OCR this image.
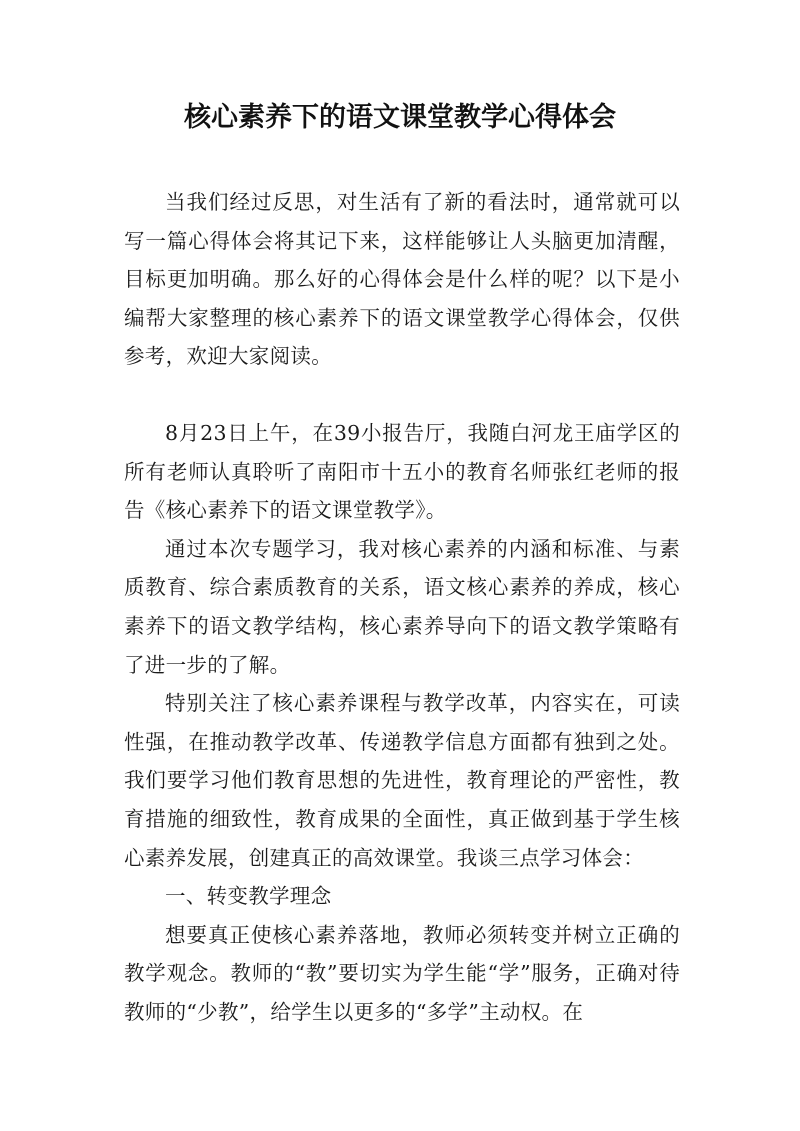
核心素养下的语文课堂教学心得体会

当我们经过反思，对生活有了新的看法时，通常就可以写一篇心得体会将其记下来，这样能够让人头脑更加清醒，目标更加明确。那么好的心得体会是什么样的呢？以下是小编帮大家整理的核心素养下的语文课堂教学心得体会，仅供参考，欢迎大家阅读。

8月23日上午，在39小报告厅，我随白河龙王庙学区的所有老师认真聆听了南阳市十五小的教育名师张红老师的报告《核心素养下的语文课堂教学》。

通过本次专题学习，我对核心素养的内涵和标准、与素质教育、综合素质教育的关系，语文核心素养的养成，核心素养下的语文教学结构，核心素养导向下的语文教学策略有了进一步的了解。

特别关注了核心素养课程与教学改革，内容实在，可读性强，在推动教学改革、传递教学信息方面都有独到之处。我们要学习他们教育思想的先进性，教育理论的严密性，教育措施的细致性，教育成果的全面性，真正做到基于学生核心素养发展，创建真正的高效课堂。我谈三点学习体会：

一、转变教学理念

想要真正使核心素养落地，教师必须转变并树立正确的教学观念。教师的“教”要切实为学生能“学”服务，正确对待教师的“少教”，给学生以更多的“多学”主动权。在
